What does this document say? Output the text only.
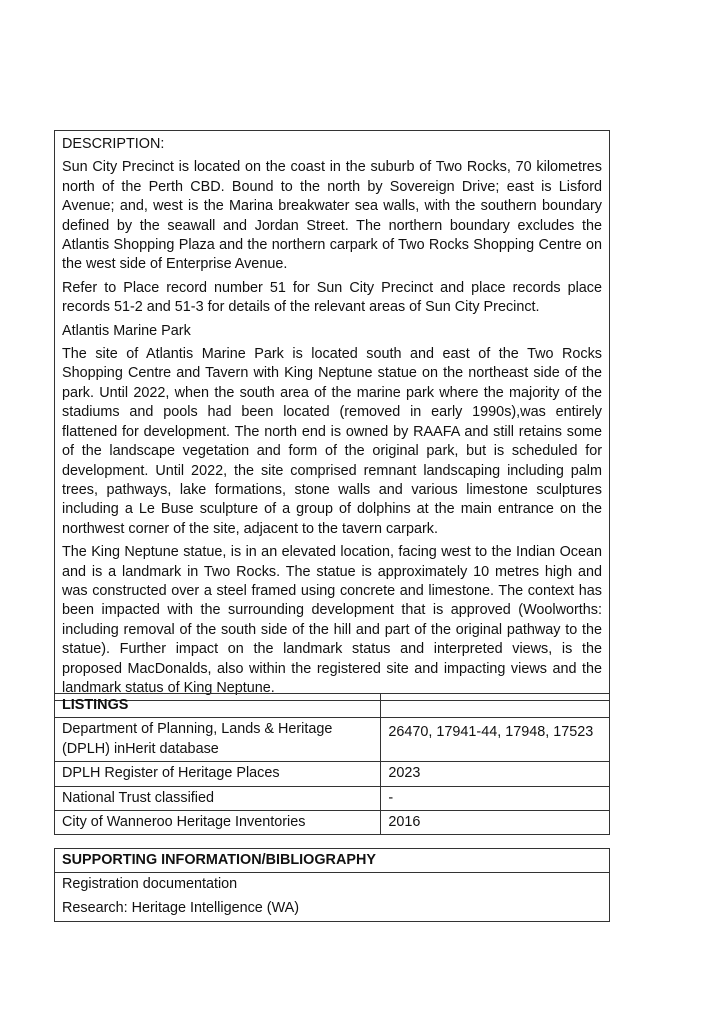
DESCRIPTION:

Sun City Precinct is located on the coast in the suburb of Two Rocks, 70 kilometres north of the Perth CBD. Bound to the north by Sovereign Drive; east is Lisford Avenue; and, west is the Marina breakwater sea walls, with the southern boundary defined by the seawall and Jordan Street. The northern boundary excludes the Atlantis Shopping Plaza and the northern carpark of Two Rocks Shopping Centre on the west side of Enterprise Avenue.

Refer to Place record number 51 for Sun City Precinct and place records place records 51-2 and 51-3 for details of the relevant areas of Sun City Precinct.

Atlantis Marine Park

The site of Atlantis Marine Park is located south and east of the Two Rocks Shopping Centre and Tavern with King Neptune statue on the northeast side of the park. Until 2022, when the south area of the marine park where the majority of the stadiums and pools had been located (removed in early 1990s),was entirely flattened for development. The north end is owned by RAAFA and still retains some of the landscape vegetation and form of the original park, but is scheduled for development. Until 2022, the site comprised remnant landscaping including palm trees, pathways, lake formations, stone walls and various limestone sculptures including a Le Buse sculpture of a group of dolphins at the main entrance on the northwest corner of the site, adjacent to the tavern carpark.

The King Neptune statue, is in an elevated location, facing west to the Indian Ocean and is a landmark in Two Rocks. The statue is approximately 10 metres high and was constructed over a steel framed using concrete and limestone. The context has been impacted with the surrounding development that is approved (Woolworths: including removal of the south side of the hill and part of the original pathway to the statue). Further impact on the landmark status and interpreted views, is the proposed MacDonalds, also within the registered site and impacting views and the landmark status of King Neptune.

LISTINGS	
Department of Planning, Lands & Heritage (DPLH) inHerit database	26470, 17941-44, 17948, 17523
DPLH Register of Heritage Places	2023
National Trust classified	-
City of Wanneroo Heritage Inventories	2016
SUPPORTING INFORMATION/BIBLIOGRAPHY

Registration documentation
Research: Heritage Intelligence (WA)
